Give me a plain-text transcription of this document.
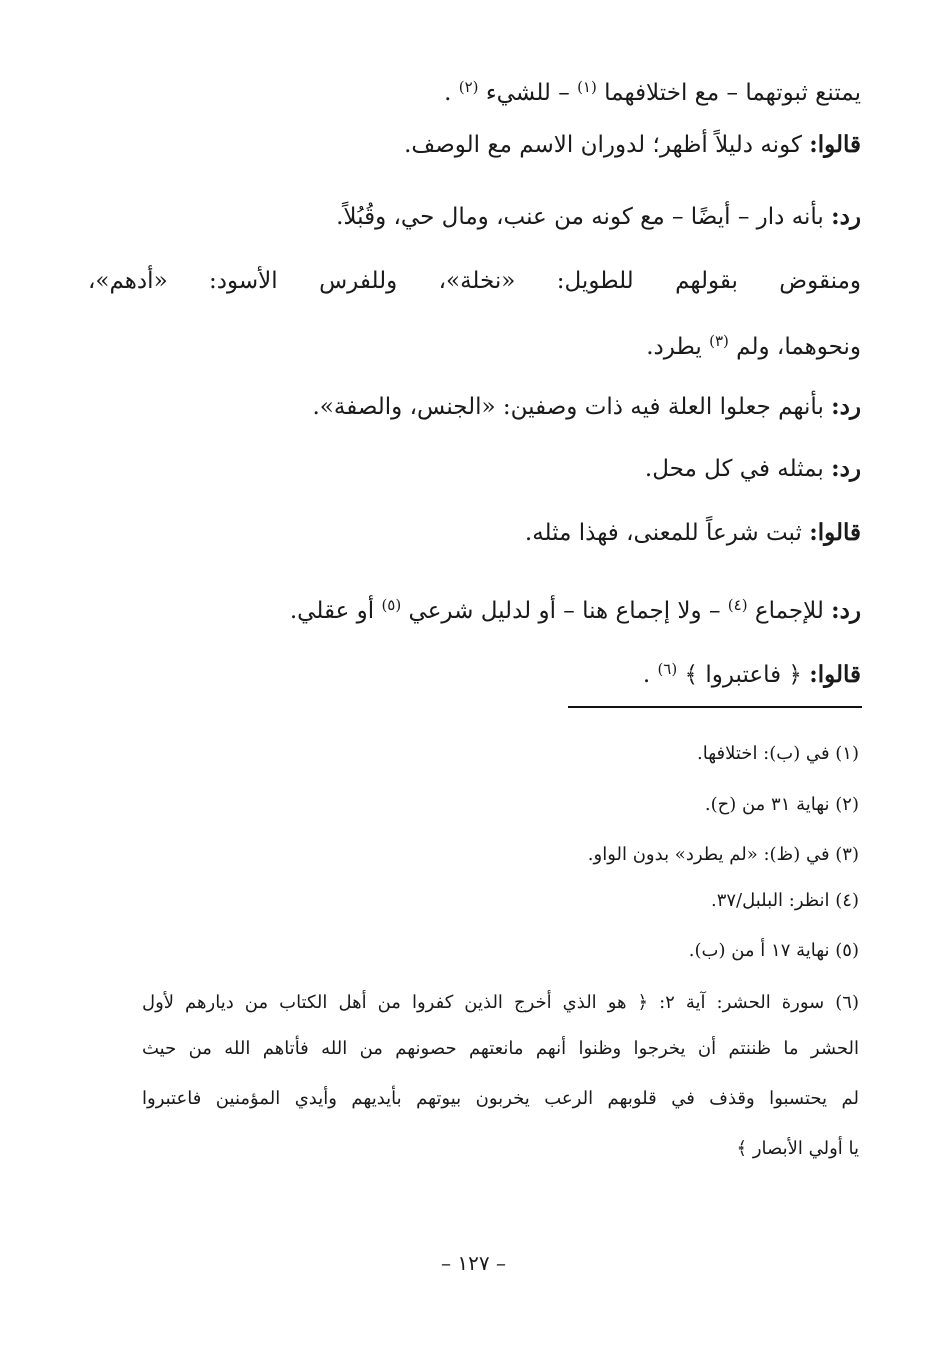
يمتنع ثبوتهما – مع اختلافهما $^{(١)}$ – للشيء $^{(٢)}$ .
قالوا: كونه دليلاً أظهر؛ لدوران الاسم مع الوصف.
رد: بأنه دار – أيضًا – مع كونه من عنب، ومال حي، وقُبُلاً.
ومنقوض بقولهم للطويل: «نخلة»، وللفرس الأسود: «أدهم»،
ونحوهما، ولم $^{(٣)}$ يطرد.
رد: بأنهم جعلوا العلة فيه ذات وصفين: «الجنس، والصفة».
رد: بمثله في كل محل.
قالوا: ثبت شرعاً للمعنى، فهذا مثله.
رد: للإجماع $^{(٤)}$ – ولا إجماع هنا – أو لدليل شرعي $^{(٥)}$ أو عقلي.
قالوا: ﴿ فاعتبروا ﴾ $^{(٦)}$ .
(١) في (ب): اختلافها.
(٢) نهاية ٣١ من (ح).
(٣) في (ظ): «لم يطرد» بدون الواو.
(٤) انظر: البلبل/٣٧.
(٥) نهاية ١٧ أ من (ب).
(٦) سورة الحشر: آية ٢: ﴿ هو الذي أخرج الذين كفروا من أهل الكتاب من ديارهم لأول
الحشر ما ظننتم أن يخرجوا وظنوا أنهم مانعتهم حصونهم من الله فأتاهم الله من حيث
لم يحتسبوا وقذف في قلوبهم الرعب يخربون بيوتهم بأيديهم وأيدي المؤمنين فاعتبروا
يا أولي الأبصار ﴾
– ١٢٧ –
